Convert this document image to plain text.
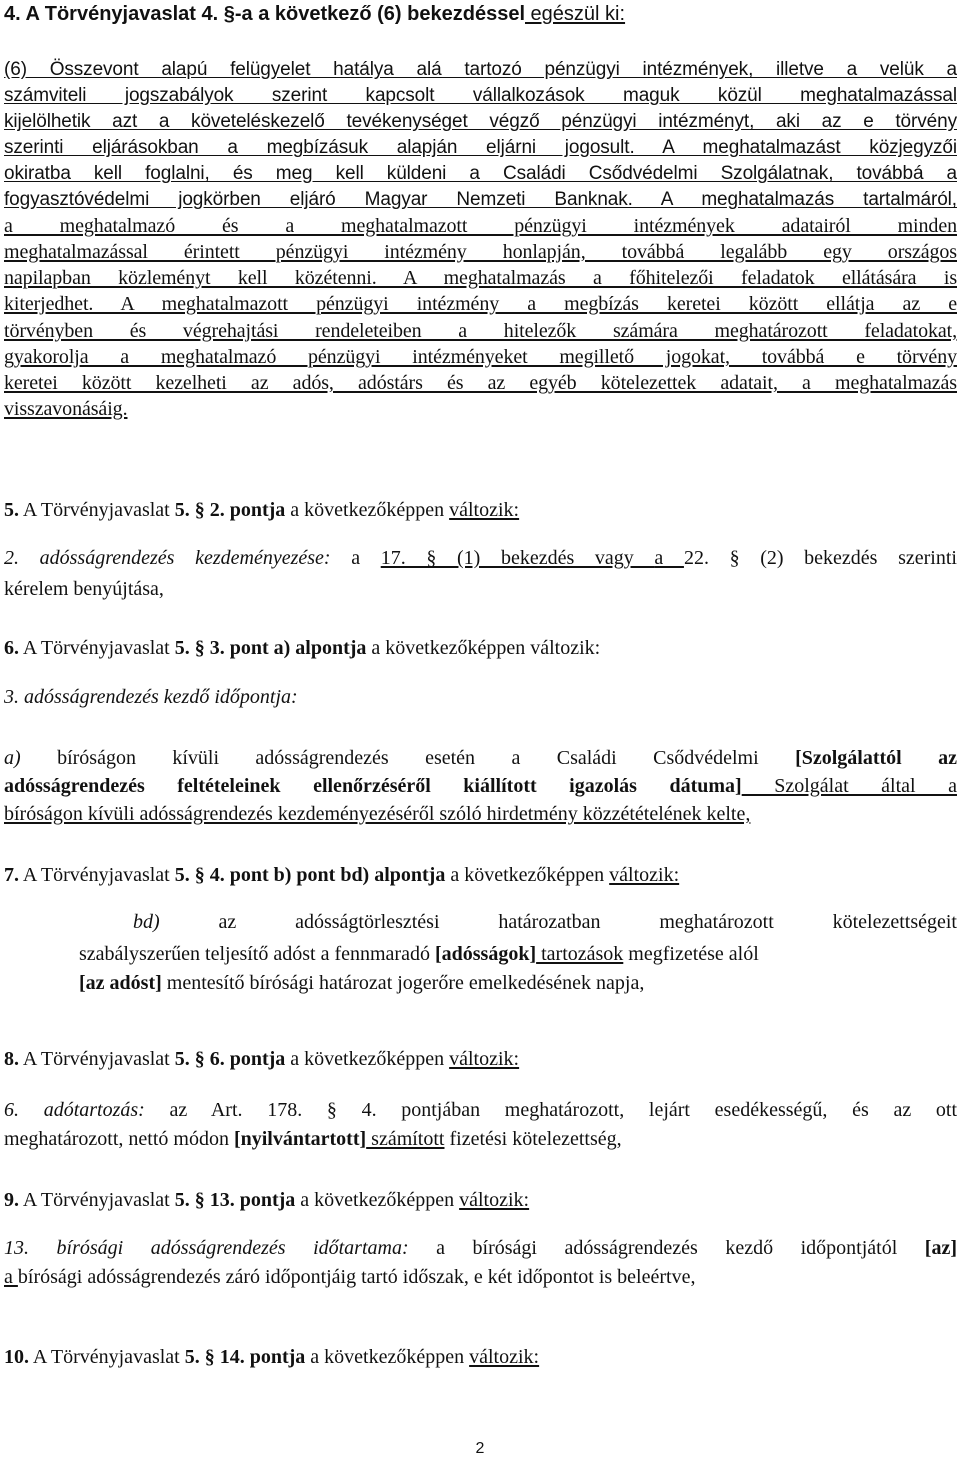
4. A Törvényjavaslat 4. §-a a következő (6) bekezdéssel egészül ki:
(6) Összevont alapú felügyelet hatálya alá tartozó pénzügyi intézmények, illetve a velük a
számviteli jogszabályok szerint kapcsolt vállalkozások maguk közül meghatalmazással
kijelölhetik azt a követeléskezelő tevékenységet végző pénzügyi intézményt, aki az e törvény
szerinti eljárásokban a megbízásuk alapján eljárni jogosult. A meghatalmazást közjegyzői
okiratba kell foglalni, és meg kell küldeni a Családi Csődvédelmi Szolgálatnak, továbbá a
fogyasztóvédelmi jogkörben eljáró Magyar Nemzeti Banknak. A meghatalmazás tartalmáról,
a meghatalmazó és a meghatalmazott pénzügyi intézmények adatairól minden
meghatalmazással érintett pénzügyi intézmény honlapján, továbbá legalább egy országos
napilapban közleményt kell közétenni. A meghatalmazás a főhitelezői feladatok ellátására is
kiterjedhet. A meghatalmazott pénzügyi intézmény a megbízás keretei között ellátja az e
törvényben és végrehajtási rendeleteiben a hitelezők számára meghatározott feladatokat,
gyakorolja a meghatalmazó pénzügyi intézményeket megillető jogokat, továbbá e törvény
keretei között kezelheti az adós, adóstárs és az egyéb kötelezettek adatait, a meghatalmazás
visszavonásáig.
5. A Törvényjavaslat 5. § 2. pontja a következőképpen változik:
2. adósságrendezés kezdeményezése: a 17. § (1) bekezdés vagy a 22. § (2) bekezdés szerinti
kérelem benyújtása,
6. A Törvényjavaslat 5. § 3. pont a) alpontja a következőképpen változik:
3. adósságrendezés kezdő időpontja:
a) bíróságon kívüli adósságrendezés esetén a Családi Csődvédelmi [Szolgálattól az
adósságrendezés feltételeinek ellenőrzéséről kiállított igazolás dátuma] Szolgálat által a
bíróságon kívüli adósságrendezés kezdeményezéséről szóló hirdetmény közzétételének kelte,
7. A Törvényjavaslat 5. § 4. pont b) pont bd) alpontja a következőképpen változik:
bd) az adósságtörlesztési határozatban meghatározott kötelezettségeit
szabályszerűen teljesítő adóst a fennmaradó [adósságok] tartozások megfizetése alól
[az adóst] mentesítő bírósági határozat jogerőre emelkedésének napja,
8. A Törvényjavaslat 5. § 6. pontja a következőképpen változik:
6. adótartozás: az Art. 178. § 4. pontjában meghatározott, lejárt esedékességű, és az ott
meghatározott, nettó módon [nyilvántartott] számított fizetési kötelezettség,
9. A Törvényjavaslat 5. § 13. pontja a következőképpen változik:
13. bírósági adósságrendezés időtartama: a bírósági adósságrendezés kezdő időpontjától [az]
a bírósági adósságrendezés záró időpontjáig tartó időszak, e két időpontot is beleértve,
10. A Törvényjavaslat 5. § 14. pontja a következőképpen változik:
2
